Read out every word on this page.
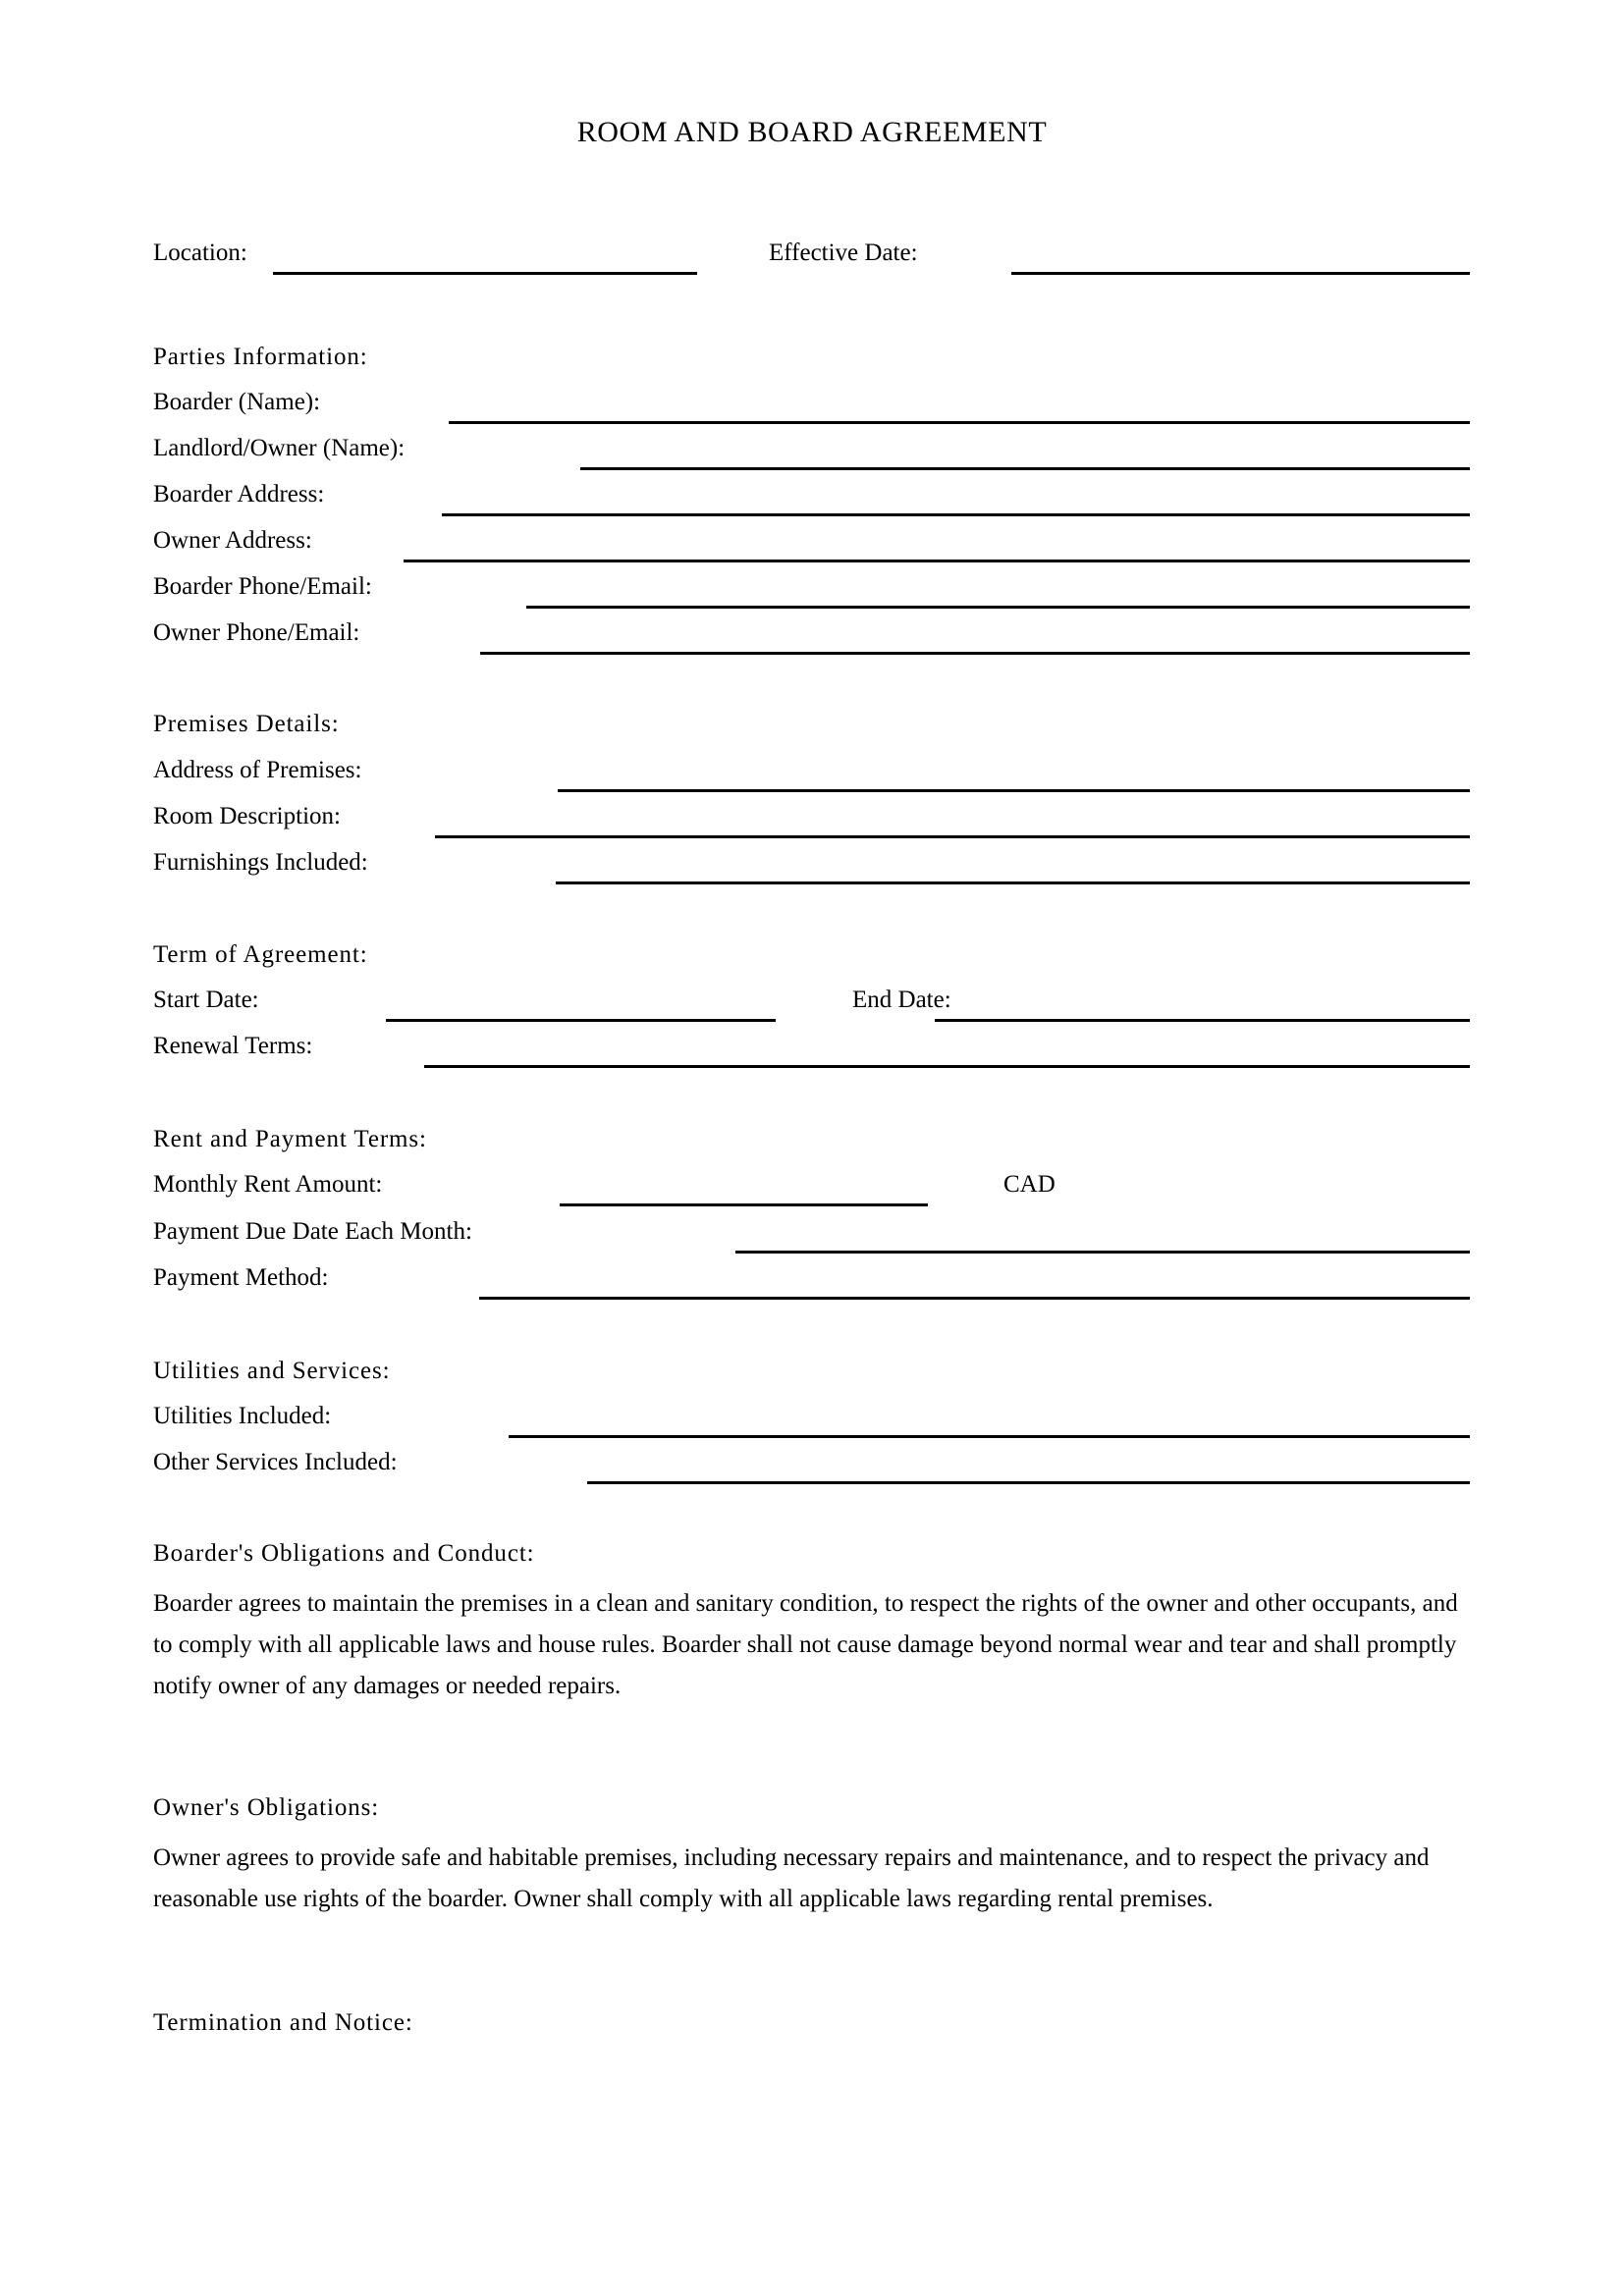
ROOM AND BOARD AGREEMENT
Location:	Effective Date:
Parties Information:
Boarder (Name):
Landlord/Owner (Name):
Boarder Address:
Owner Address:
Boarder Phone/Email:
Owner Phone/Email:
Premises Details:
Address of Premises:
Room Description:
Furnishings Included:
Term of Agreement:
Start Date:	End Date:
Renewal Terms:
Rent and Payment Terms:
Monthly Rent Amount:	CAD
Payment Due Date Each Month:
Payment Method:
Utilities and Services:
Utilities Included:
Other Services Included:
Boarder's Obligations and Conduct:
Boarder agrees to maintain the premises in a clean and sanitary condition, to respect the rights of the owner and other occupants, and to comply with all applicable laws and house rules. Boarder shall not cause damage beyond normal wear and tear and shall promptly notify owner of any damages or needed repairs.
Owner's Obligations:
Owner agrees to provide safe and habitable premises, including necessary repairs and maintenance, and to respect the privacy and reasonable use rights of the boarder. Owner shall comply with all applicable laws regarding rental premises.
Termination and Notice:
